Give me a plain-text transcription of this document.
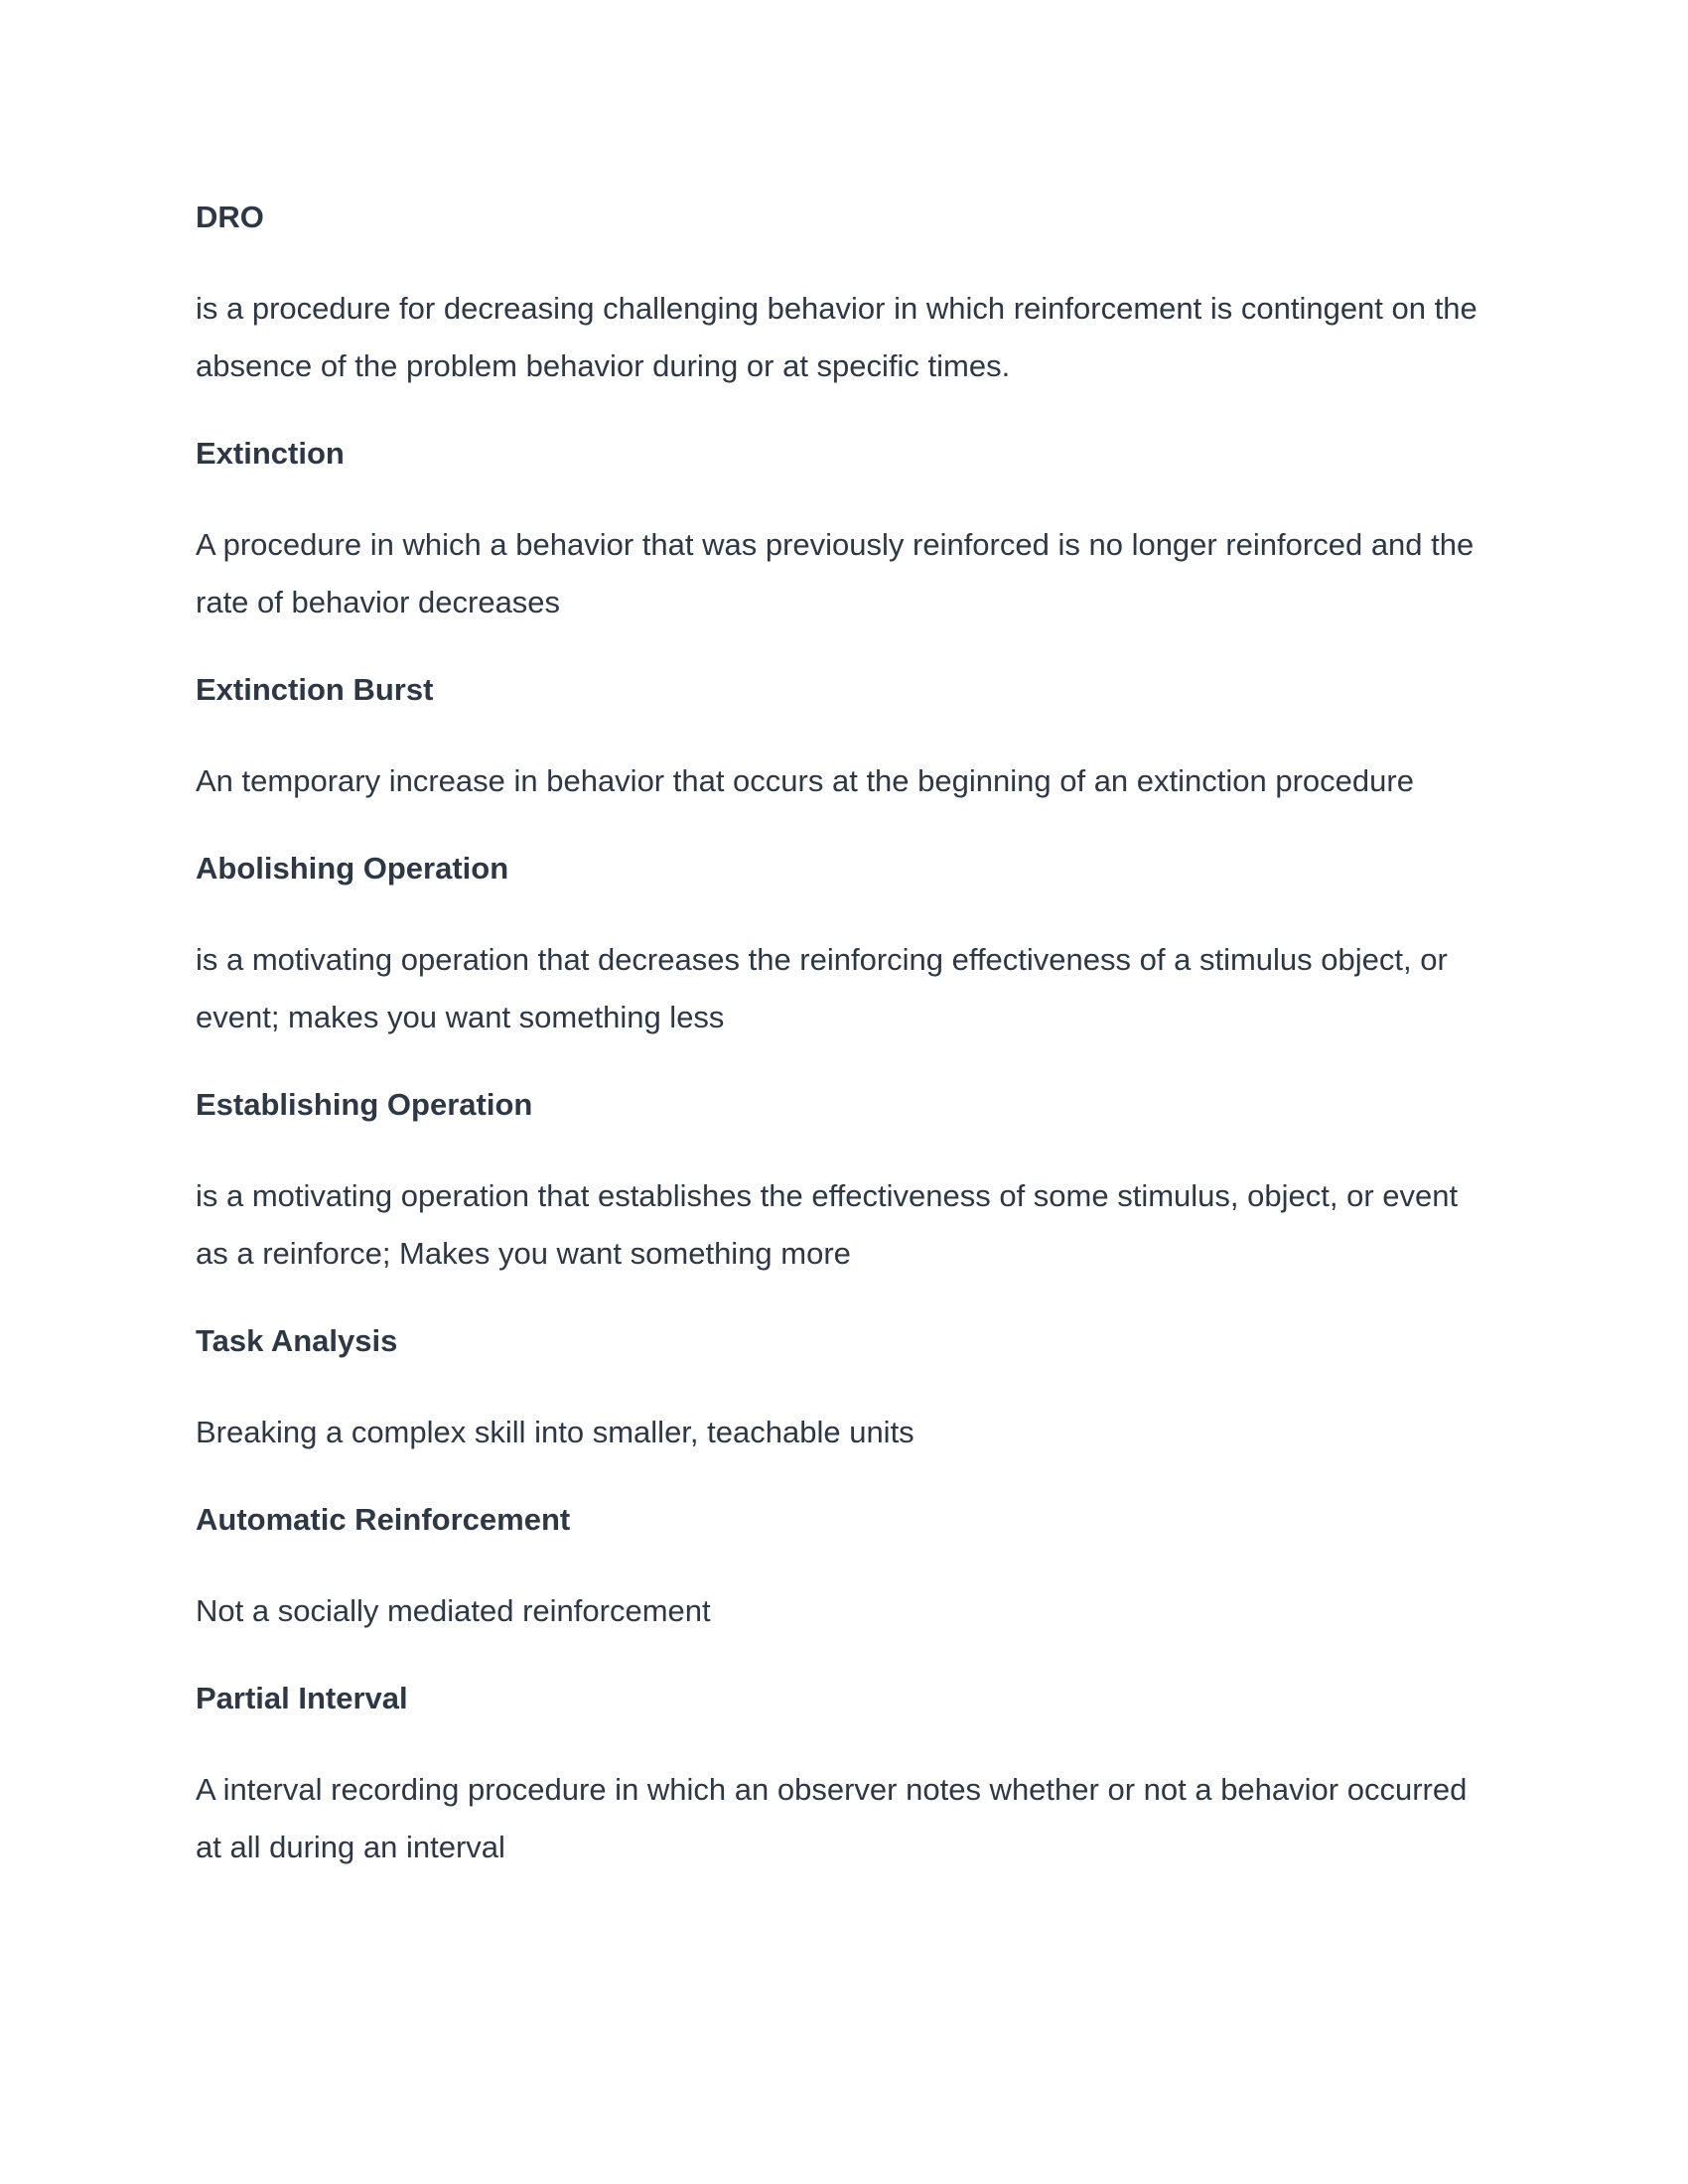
DRO

is a procedure for decreasing challenging behavior in which reinforcement is contingent on the absence of the problem behavior during or at specific times.

Extinction

A procedure in which a behavior that was previously reinforced is no longer reinforced and the rate of behavior decreases

Extinction Burst

An temporary increase in behavior that occurs at the beginning of an extinction procedure

Abolishing Operation

is a motivating operation that decreases the reinforcing effectiveness of a stimulus object, or event; makes you want something less

Establishing Operation

is a motivating operation that establishes the effectiveness of some stimulus, object, or event as a reinforce; Makes you want something more

Task Analysis

Breaking a complex skill into smaller, teachable units

Automatic Reinforcement

Not a socially mediated reinforcement

Partial Interval

A interval recording procedure in which an observer notes whether or not a behavior occurred at all during an interval
